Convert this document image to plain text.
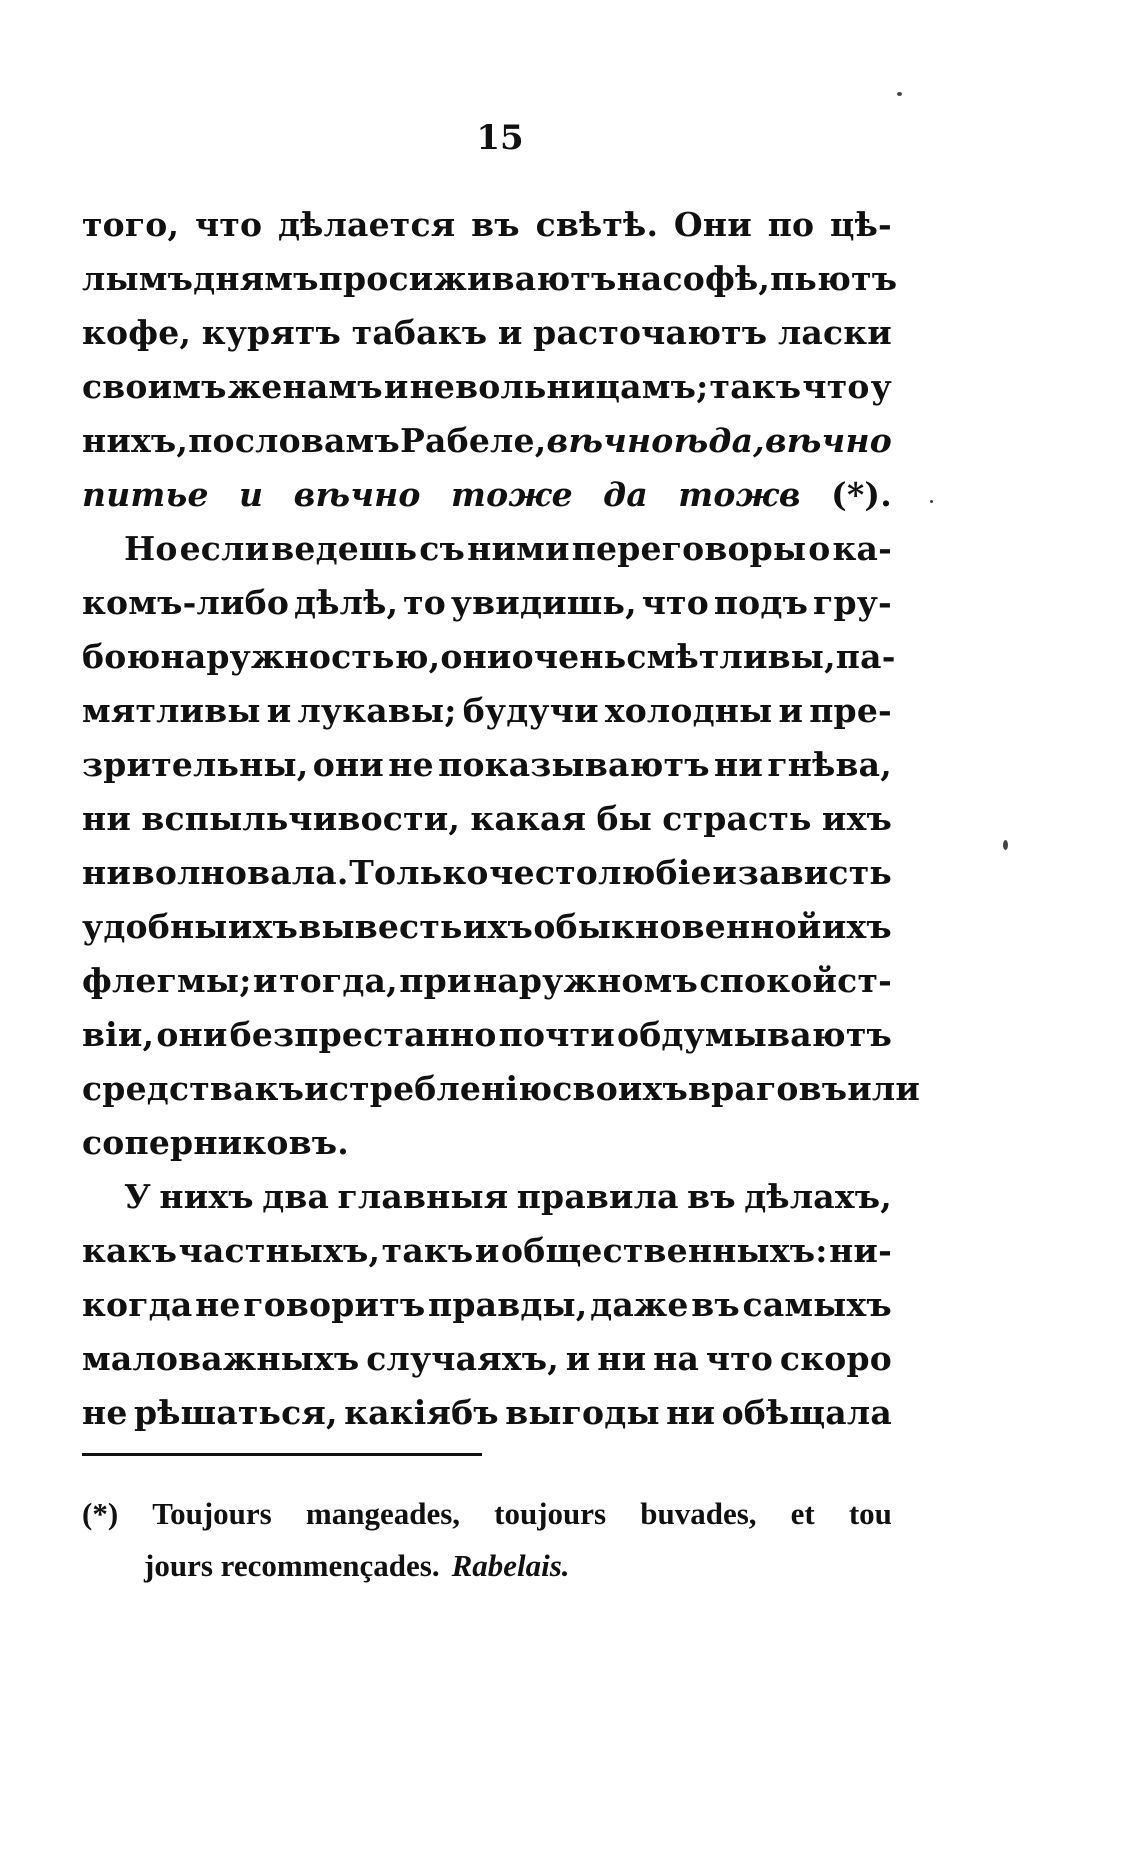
15
того, что дѣлается въ свѣтѣ. Они по цѣ-
лымъ днямъ просиживаютъ на софѣ, пьютъ
кофе, курятъ табакъ и расточаютъ ласки
своимъ женамъ и невольницамъ; такъ что у
нихъ, по словамъ Рабеле, вѣчно ѣда, вѣчно
питье и вѣчно тоже да тожв (*).
Но если ведешь съ ними переговоры о ка-
комъ-либо дѣлѣ, то увидишь, что подъ гру-
бою наружностью, они очень смѣтливы, па-
мятливы и лукавы; будучи холодны и пре-
зрительны, они не показываютъ ни гнѣва,
ни вспыльчивости, какая бы страсть ихъ
ни волновала. Только честолюбіе и зависть
удобны ихъ вывесть ихъ обыкновенной ихъ
флегмы; и тогда, при наружномъ спокойст-
віи, они безпрестанно почти обдумываютъ
средства къ истребленію своихъ враговъ или
соперниковъ.
У нихъ два главныя правила въ дѣлахъ,
какъ частныхъ, такъ и общественныхъ: ни-
когда не говоритъ правды, даже въ самыхъ
маловажныхъ случаяхъ, и ни на что скоро
не рѣшаться, какіябъ выгоды ни обѣщала
(*) Toujours mangeades, toujours buvades, et tou
jours recommençades. Rabelais.
